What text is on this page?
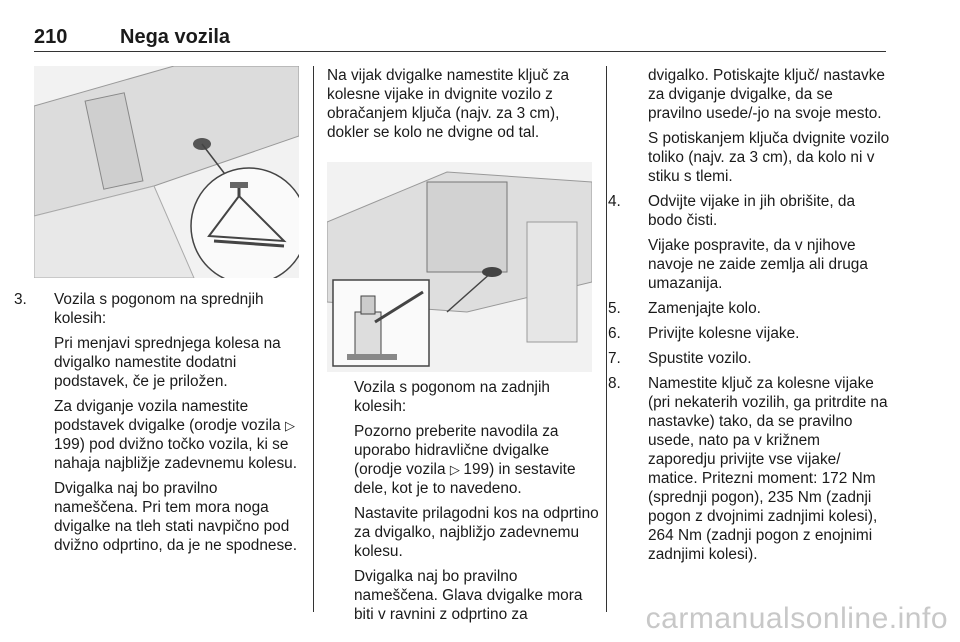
210	Nega vozila

3. Vozila s pogonom na sprednjih kolesih:

Pri menjavi sprednjega kolesa na dvigalko namestite dodatni podstavek, če je priložen.

Za dviganje vozila namestite podstavek dvigalke (orodje vozila ▷ 199) pod dvižno točko vozila, ki se nahaja najbližje zadevnemu kolesu.

Dvigalka naj bo pravilno nameščena. Pri tem mora noga dvigalke na tleh stati navpično pod dvižno odprtino, da je ne spodnese.

Na vijak dvigalke namestite ključ za kolesne vijake in dvignite vozilo z obračanjem ključa (najv. za 3 cm), dokler se kolo ne dvigne od tal.

Vozila s pogonom na zadnjih kolesih:

Pozorno preberite navodila za uporabo hidravlične dvigalke (orodje vozila ▷ 199) in sestavite dele, kot je to navedeno.

Nastavite prilagodni kos na odprtino za dvigalko, najbližjo zadevnemu kolesu.

Dvigalka naj bo pravilno nameščena. Glava dvigalke mora biti v ravnini z odprtino za

dvigalko. Potiskajte ključ/ nastavke za dviganje dvigalke, da se pravilno usede/-jo na svoje mesto.

S potiskanjem ključa dvignite vozilo toliko (najv. za 3 cm), da kolo ni v stiku s tlemi.

4. Odvijte vijake in jih obrišite, da bodo čisti.

Vijake pospravite, da v njihove navoje ne zaide zemlja ali druga umazanija.

5. Zamenjajte kolo.

6. Privijte kolesne vijake.

7. Spustite vozilo.

8. Namestite ključ za kolesne vijake (pri nekaterih vozilih, ga pritrdite na nastavke) tako, da se pravilno usede, nato pa v križnem zaporedju privijte vse vijake/ matice. Pritezni moment: 172 Nm (sprednji pogon), 235 Nm (zadnji pogon z dvojnimi zadnjimi kolesi), 264 Nm (zadnji pogon z enojnimi zadnjimi kolesi).

carmanualsonline.info
